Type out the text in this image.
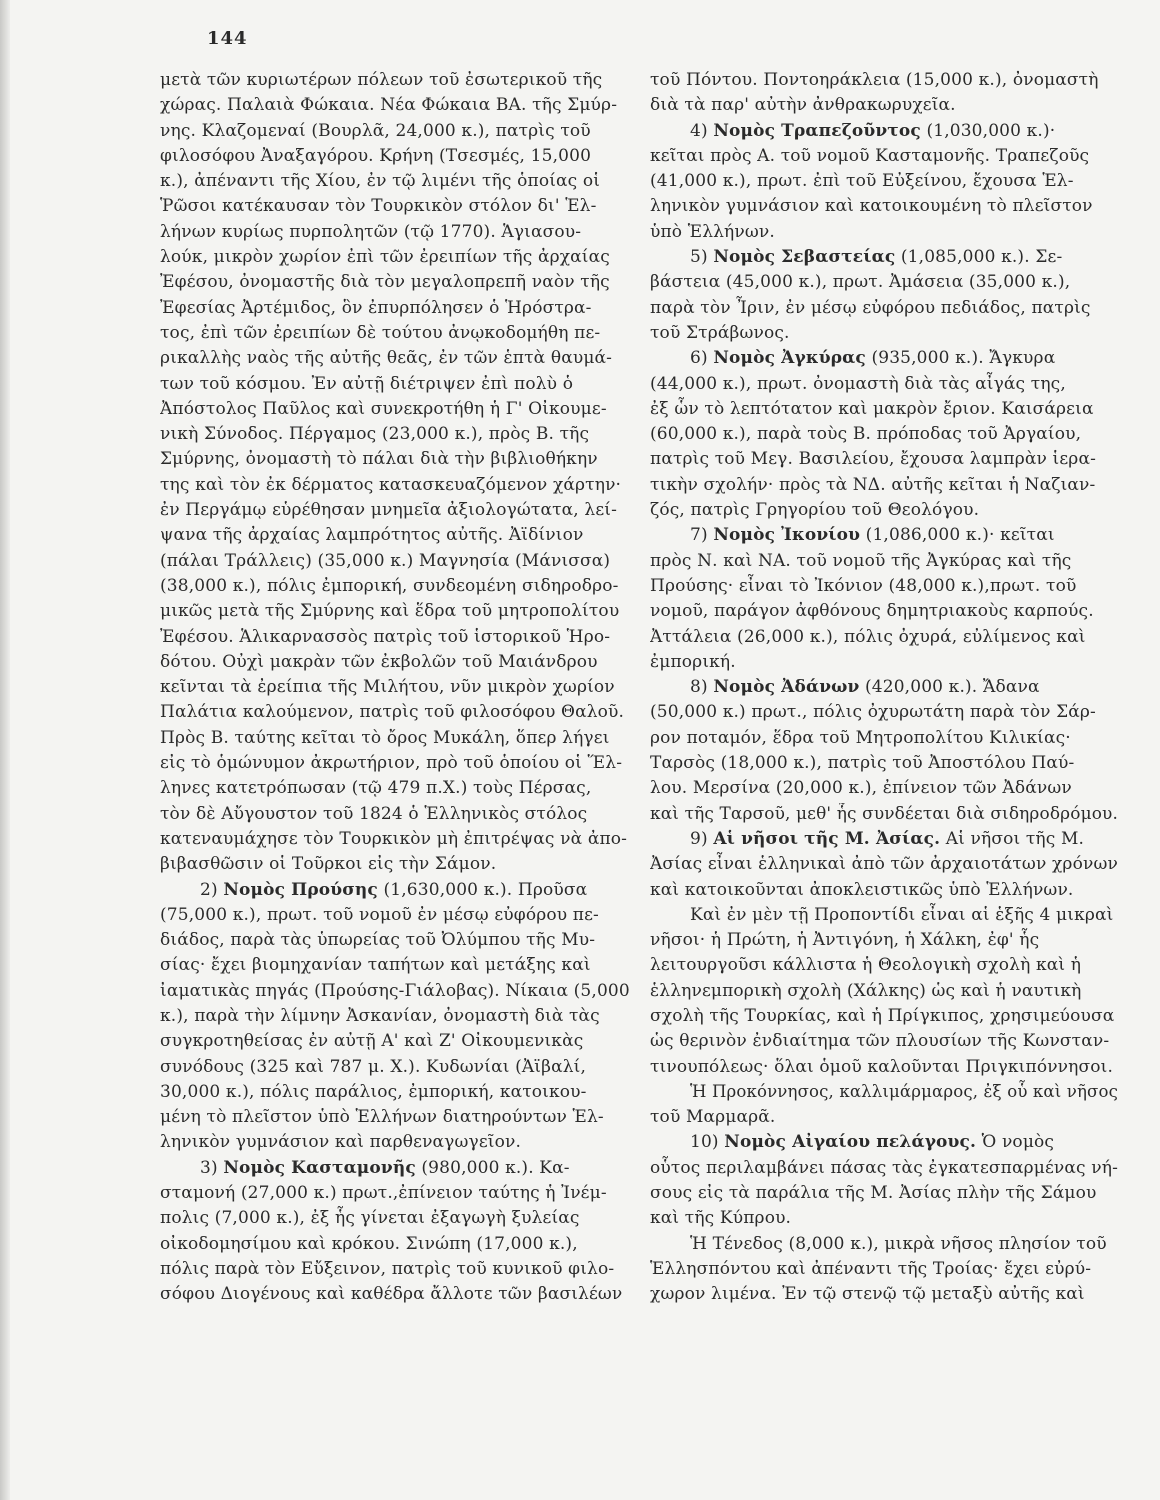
144
μετὰ τῶν κυριωτέρων πόλεων τοῦ ἐσωτερικοῦ τῆς
χώρας. Παλαιὰ Φώκαια. Νέα Φώκαια ΒΑ. τῆς Σμύρ-
νης. Κλαζομεναί (Βουρλᾶ, 24,000 κ.), πατρὶς τοῦ
φιλοσόφου Ἀναξαγόρου. Κρήνη (Τσεσμές, 15,000
κ.), ἀπέναντι τῆς Χίου, ἐν τῷ λιμένι τῆς ὁποίας οἱ
Ῥῶσοι κατέκαυσαν τὸν Τουρκικὸν στόλον δι' Ἑλ-
λήνων κυρίως πυρπολητῶν (τῷ 1770). Ἁγιασου-
λούκ, μικρὸν χωρίον ἐπὶ τῶν ἐρειπίων τῆς ἀρχαίας
Ἐφέσου, ὀνομαστῆς διὰ τὸν μεγαλοπρεπῆ ναὸν τῆς
Ἐφεσίας Ἀρτέμιδος, ὃν ἐπυρπόλησεν ὁ Ἡρόστρα-
τος, ἐπὶ τῶν ἐρειπίων δὲ τούτου ἀνῳκοδομήθη πε-
ρικαλλὴς ναὸς τῆς αὐτῆς θεᾶς, ἐν τῶν ἑπτὰ θαυμά-
των τοῦ κόσμου. Ἐν αὐτῇ διέτριψεν ἐπὶ πολὺ ὁ
Ἀπόστολος Παῦλος καὶ συνεκροτήθη ἡ Γ' Οἰκουμε-
νικὴ Σύνοδος. Πέργαμος (23,000 κ.), πρὸς Β. τῆς
Σμύρνης, ὀνομαστὴ τὸ πάλαι διὰ τὴν βιβλιοθήκην
της καὶ τὸν ἐκ δέρματος κατασκευαζόμενον χάρτην·
ἐν Περγάμῳ εὑρέθησαν μνημεῖα ἀξιολογώτατα, λεί-
ψανα τῆς ἀρχαίας λαμπρότητος αὐτῆς. Ἀϊδίνιον
(πάλαι Τράλλεις) (35,000 κ.) Μαγνησία (Μάνισσα)
(38,000 κ.), πόλις ἐμπορική, συνδεομένη σιδηροδρο-
μικῶς μετὰ τῆς Σμύρνης καὶ ἕδρα τοῦ μητροπολίτου
Ἐφέσου. Ἁλικαρνασσὸς πατρὶς τοῦ ἱστορικοῦ Ἡρο-
δότου. Οὐχὶ μακρὰν τῶν ἐκβολῶν τοῦ Μαιάνδρου
κεῖνται τὰ ἐρείπια τῆς Μιλήτου, νῦν μικρὸν χωρίον
Παλάτια καλούμενον, πατρὶς τοῦ φιλοσόφου Θαλοῦ.
Πρὸς Β. ταύτης κεῖται τὸ ὄρος Μυκάλη, ὅπερ λήγει
εἰς τὸ ὁμώνυμον ἀκρωτήριον, πρὸ τοῦ ὁποίου οἱ Ἕλ-
ληνες κατετρόπωσαν (τῷ 479 π.Χ.) τοὺς Πέρσας,
τὸν δὲ Αὔγουστον τοῦ 1824 ὁ Ἑλληνικὸς στόλος
κατεναυμάχησε τὸν Τουρκικὸν μὴ ἐπιτρέψας νὰ ἀπο-
βιβασθῶσιν οἱ Τοῦρκοι εἰς τὴν Σάμον.
2) Νομὸς Προύσης (1,630,000 κ.). Προῦσα
(75,000 κ.), πρωτ. τοῦ νομοῦ ἐν μέσῳ εὐφόρου πε-
διάδος, παρὰ τὰς ὑπωρείας τοῦ Ὀλύμπου τῆς Μυ-
σίας· ἔχει βιομηχανίαν ταπήτων καὶ μετάξης καὶ
ἰαματικὰς πηγάς (Προύσης-Γιάλοβας). Νίκαια (5,000
κ.), παρὰ τὴν λίμνην Ἀσκανίαν, ὀνομαστὴ διὰ τὰς
συγκροτηθείσας ἐν αὐτῇ Α' καὶ Ζ' Οἰκουμενικὰς
συνόδους (325 καὶ 787 μ. Χ.). Κυδωνίαι (Ἀϊβαλί,
30,000 κ.), πόλις παράλιος, ἐμπορική, κατοικου-
μένη τὸ πλεῖστον ὑπὸ Ἑλλήνων διατηρούντων Ἑλ-
ληνικὸν γυμνάσιον καὶ παρθεναγωγεῖον.
3) Νομὸς Κασταμονῆς (980,000 κ.). Κα-
σταμονή (27,000 κ.) πρωτ.,ἐπίνειον ταύτης ἡ Ἰνέμ-
πολις (7,000 κ.), ἐξ ἧς γίνεται ἐξαγωγὴ ξυλείας
οἰκοδομησίμου καὶ κρόκου. Σινώπη (17,000 κ.),
πόλις παρὰ τὸν Εὔξεινον, πατρὶς τοῦ κυνικοῦ φιλο-
σόφου Διογένους καὶ καθέδρα ἄλλοτε τῶν βασιλέων
τοῦ Πόντου. Ποντοηράκλεια (15,000 κ.), ὀνομαστὴ
διὰ τὰ παρ' αὐτὴν ἀνθρακωρυχεῖα.
4) Νομὸς Τραπεζοῦντος (1,030,000 κ.)·
κεῖται πρὸς Α. τοῦ νομοῦ Κασταμονῆς. Τραπεζοῦς
(41,000 κ.), πρωτ. ἐπὶ τοῦ Εὐξείνου, ἔχουσα Ἑλ-
ληνικὸν γυμνάσιον καὶ κατοικουμένη τὸ πλεῖστον
ὑπὸ Ἑλλήνων.
5) Νομὸς Σεβαστείας (1,085,000 κ.). Σε-
βάστεια (45,000 κ.), πρωτ. Ἀμάσεια (35,000 κ.),
παρὰ τὸν Ἶριν, ἐν μέσῳ εὐφόρου πεδιάδος, πατρὶς
τοῦ Στράβωνος.
6) Νομὸς Ἀγκύρας (935,000 κ.). Ἄγκυρα
(44,000 κ.), πρωτ. ὀνομαστὴ διὰ τὰς αἶγάς της,
ἐξ ὧν τὸ λεπτότατον καὶ μακρὸν ἔριον. Καισάρεια
(60,000 κ.), παρὰ τοὺς Β. πρόποδας τοῦ Ἀργαίου,
πατρὶς τοῦ Μεγ. Βασιλείου, ἔχουσα λαμπρὰν ἱερα-
τικὴν σχολήν· πρὸς τὰ ΝΔ. αὐτῆς κεῖται ἡ Ναζιαν-
ζός, πατρὶς Γρηγορίου τοῦ Θεολόγου.
7) Νομὸς Ἰκονίου (1,086,000 κ.)· κεῖται
πρὸς Ν. καὶ ΝΑ. τοῦ νομοῦ τῆς Ἀγκύρας καὶ τῆς
Προύσης· εἶναι τὸ Ἰκόνιον (48,000 κ.),πρωτ. τοῦ
νομοῦ, παράγον ἀφθόνους δημητριακοὺς καρπούς.
Ἀττάλεια (26,000 κ.), πόλις ὀχυρά, εὐλίμενος καὶ
ἐμπορική.
8) Νομὸς Ἀδάνων (420,000 κ.). Ἄδανα
(50,000 κ.) πρωτ., πόλις ὀχυρωτάτη παρὰ τὸν Σάρ-
ρον ποταμόν, ἕδρα τοῦ Μητροπολίτου Κιλικίας·
Ταρσὸς (18,000 κ.), πατρὶς τοῦ Ἀποστόλου Παύ-
λου. Μερσίνα (20,000 κ.), ἐπίνειον τῶν Ἀδάνων
καὶ τῆς Ταρσοῦ, μεθ' ἧς συνδέεται διὰ σιδηροδρόμου.
9) Αἱ νῆσοι τῆς Μ. Ἀσίας. Αἱ νῆσοι τῆς Μ.
Ἀσίας εἶναι ἑλληνικαὶ ἀπὸ τῶν ἀρχαιοτάτων χρόνων
καὶ κατοικοῦνται ἀποκλειστικῶς ὑπὸ Ἑλλήνων.
Καὶ ἐν μὲν τῇ Προποντίδι εἶναι αἱ ἑξῆς 4 μικραὶ
νῆσοι· ἡ Πρώτη, ἡ Ἀντιγόνη, ἡ Χάλκη, ἐφ' ἧς
λειτουργοῦσι κάλλιστα ἡ Θεολογικὴ σχολὴ καὶ ἡ
ἑλληνεμπορικὴ σχολὴ (Χάλκης) ὡς καὶ ἡ ναυτικὴ
σχολὴ τῆς Τουρκίας, καὶ ἡ Πρίγκιπος, χρησιμεύουσα
ὡς θερινὸν ἐνδιαίτημα τῶν πλουσίων τῆς Κωνσταν-
τινουπόλεως· ὅλαι ὁμοῦ καλοῦνται Πριγκιπόννησοι.
Ἡ Προκόννησος, καλλιμάρμαρος, ἐξ οὗ καὶ νῆσος
τοῦ Μαρμαρᾶ.
10) Νομὸς Αἰγαίου πελάγους. Ὁ νομὸς
οὗτος περιλαμβάνει πάσας τὰς ἐγκατεσπαρμένας νή-
σους εἰς τὰ παράλια τῆς Μ. Ἀσίας πλὴν τῆς Σάμου
καὶ τῆς Κύπρου.
Ἡ Τένεδος (8,000 κ.), μικρὰ νῆσος πλησίον τοῦ
Ἑλλησπόντου καὶ ἀπέναντι τῆς Τροίας· ἔχει εὐρύ-
χωρον λιμένα. Ἐν τῷ στενῷ τῷ μεταξὺ αὐτῆς καὶ
